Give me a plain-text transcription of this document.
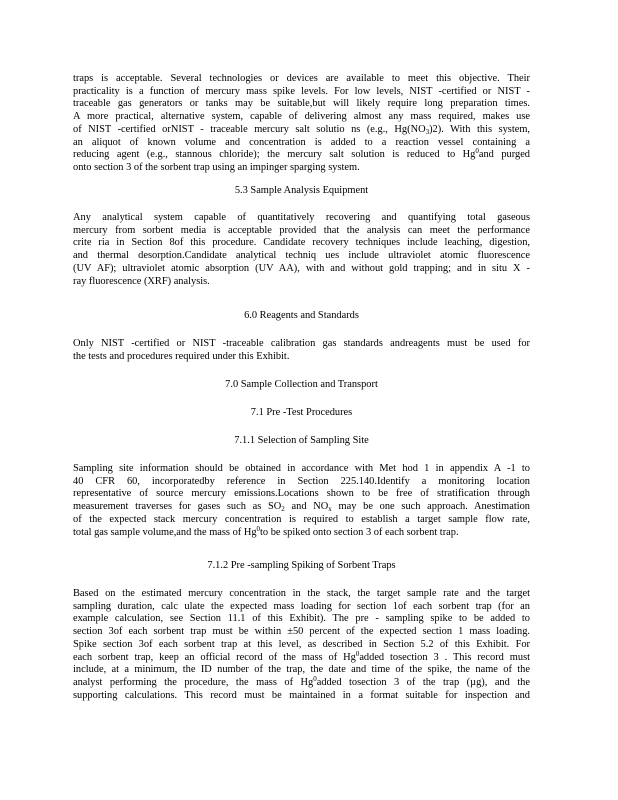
traps is acceptable. Several technologies or devices are available to meet this objective. Their
practicality is a function of mercury mass spike levels. For low levels, NIST -certified or NIST -
traceable gas generators or tanks may be suitable,but will likely require long preparation times.
A more practical, alternative system, capable of delivering almost any mass required, makes use
of NIST -certified orNIST - traceable mercury salt solutio ns (e.g., $Hg(NO_3)2$). With this system,
an aliquot of known volume and concentration is added to a reaction vessel containing a
reducing agent (e.g., stannous chloride); the mercury salt solution is reduced to Hg$^0$and purged
onto section 3 of the sorbent trap using an impinger sparging system.
5.3 Sample Analysis Equipment
Any analytical system capable of quantitatively recovering and quantifying total gaseous
mercury from sorbent media is acceptable provided that the analysis can meet the performance
crite ria in Section 8of this procedure. Candidate recovery techniques include leaching, digestion,
and thermal desorption.Candidate analytical techniq ues include ultraviolet atomic fluorescence
(UV AF); ultraviolet atomic absorption (UV AA), with and without gold trapping; and in situ X -
ray fluorescence (XRF) analysis.
6.0 Reagents and Standards
Only NIST -certified or NIST -traceable calibration gas standards andreagents must be used for
the tests and procedures required under this Exhibit.
7.0 Sample Collection and Transport
7.1 Pre -Test Procedures
7.1.1 Selection of Sampling Site
Sampling site information should be obtained in accordance with Met hod 1 in appendix A -1 to
40 CFR 60, incorporatedby reference in Section 225.140.Identify a monitoring location
representative of source mercury emissions.Locations shown to be free of stratification through
measurement traverses for gases such as $SO_2$ and $NO_x$ may be one such approach. Anestimation
of the expected stack mercury concentration is required to establish a target sample flow rate,
total gas sample volume,and the mass of Hg$^0$to be spiked onto section 3 of each sorbent trap.
7.1.2 Pre -sampling Spiking of Sorbent Traps
Based on the estimated mercury concentration in the stack, the target sample rate and the target
sampling duration, calc ulate the expected mass loading for section 1of each sorbent trap (for an
example calculation, see Section 11.1 of this Exhibit). The pre - sampling spike to be added to
section 3of each sorbent trap must be within ±50 percent of the expected section 1 mass loading.
Spike section 3of each sorbent trap at this level, as described in Section 5.2 of this Exhibit. For
each sorbent trap, keep an official record of the mass of Hg$^0$added tosection 3 . This record must
include, at a minimum, the ID number of the trap, the date and time of the spike, the name of the
analyst performing the procedure, the mass of Hg$^0$added tosection 3 of the trap (µg), and the
supporting calculations. This record must be maintained in a format suitable for inspection and
